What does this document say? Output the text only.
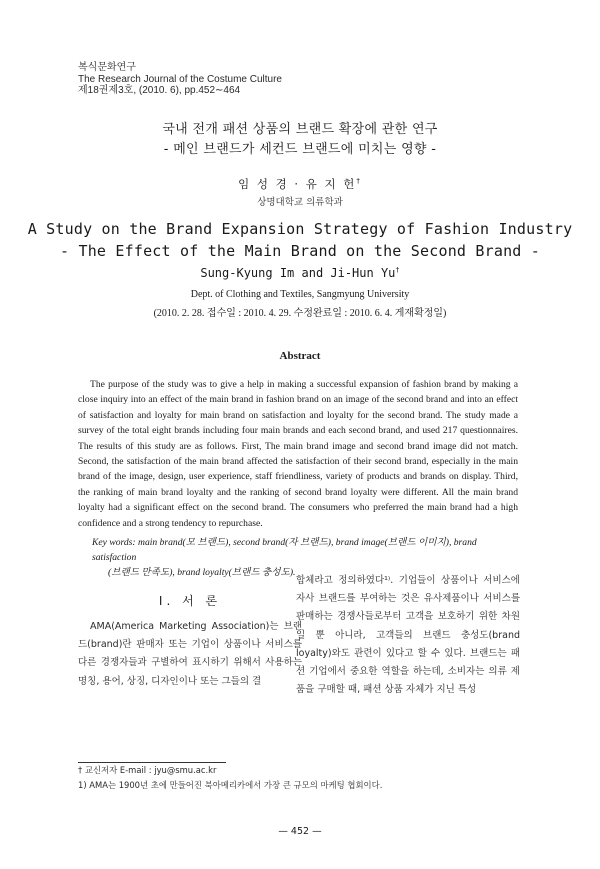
복식문화연구
The Research Journal of the Costume Culture
제18권제3호, (2010. 6), pp.452∼464
국내 전개 패션 상품의 브랜드 확장에 관한 연구
- 메인 브랜드가 세컨드 브랜드에 미치는 영향 -
임 성 경 · 유 지 헌†
상명대학교 의류학과
A Study on the Brand Expansion Strategy of Fashion Industry
- The Effect of the Main Brand on the Second Brand -
Sung-Kyung Im and Ji-Hun Yu†
Dept. of Clothing and Textiles, Sangmyung University
(2010. 2. 28. 접수일 : 2010. 4. 29. 수정완료일 : 2010. 6. 4. 게재확정일)
Abstract
The purpose of the study was to give a help in making a successful expansion of fashion brand by making a close inquiry into an effect of the main brand in fashion brand on an image of the second brand and into an effect of satisfaction and loyalty for main brand on satisfaction and loyalty for the second brand. The study made a survey of the total eight brands including four main brands and each second brand, and used 217 questionnaires. The results of this study are as follows. First, The main brand image and second brand image did not match. Second, the satisfaction of the main brand affected the satisfaction of their second brand, especially in the main brand of the image, design, user experience, staff friendliness, variety of products and brands on display. Third, the ranking of main brand loyalty and the ranking of second brand loyalty were different. All the main brand loyalty had a significant effect on the second brand. The consumers who preferred the main brand had a high confidence and a strong tendency to repurchase.
Key words: main brand(모 브랜드), second brand(자 브랜드), brand image(브랜드 이미지), brand satisfaction
(브랜드 만족도), brand loyalty(브랜드 충성도).
Ⅰ. 서 론

AMA(America Marketing Association)는 브랜드(brand)란 판매자 또는 기업이 상품이나 서비스를 다른 경쟁자들과 구별하여 표시하기 위해서 사용하는 명칭, 용어, 상징, 디자인이나 또는 그들의 결

합체라고 정의하였다¹⁾. 기업들이 상품이나 서비스에 자사 브랜드를 부여하는 것은 유사제품이나 서비스를 판매하는 경쟁사들로부터 고객을 보호하기 위한 차원일 뿐 아니라, 고객들의 브랜드 충성도(brand loyalty)와도 관련이 있다고 할 수 있다. 브랜드는 패션 기업에서 중요한 역할을 하는데, 소비자는 의류 제품을 구매할 때, 패션 상품 자체가 지닌 특성

† 교신저자 E-mail : jyu@smu.ac.kr
1) AMA는 1900년 초에 만들어진 북아메리카에서 가장 큰 규모의 마케팅 협회이다.
— 452 —
